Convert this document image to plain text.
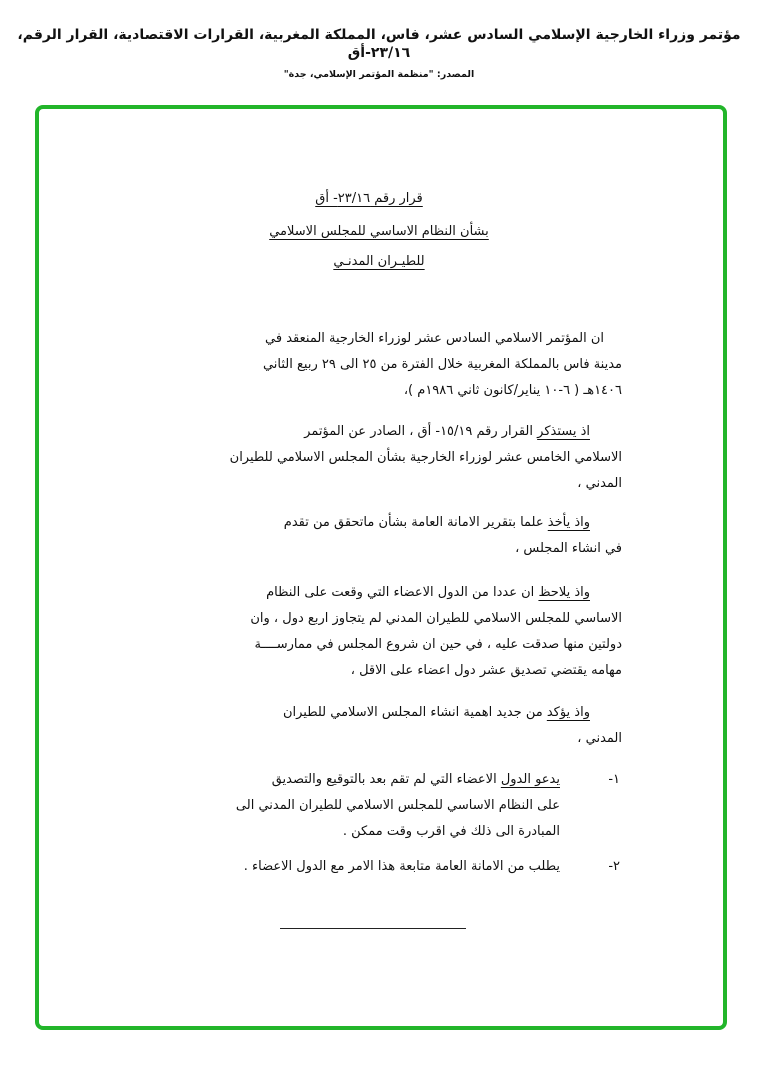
مؤتمر وزراء الخارجية الإسلامي السادس عشر، فاس، المملكة المغربية، القرارات الاقتصادية، القرار الرقم، ٢٣/١٦-أق
المصدر: "منظمة المؤتمر الإسلامي، جدة"
قرار رقم ٢٣/١٦- أق
بشأن النظام الاساسي للمجلس الاسلامي
للطيـران المدنـي
ان المؤتمر الاسلامي السادس عشر لوزراء الخارجية المنعقد في
مدينة فاس بالمملكة المغربية خلال الفترة من ٢٥ الى ٢٩ ربيع الثاني
١٤٠٦هـ ( ٦-١٠ يناير/كانون ثاني ١٩٨٦م )،
اذ يستذكر القرار رقم ١٥/١٩- أق ، الصادر عن المؤتمر
الاسلامي الخامس عشر لوزراء الخارجية بشأن المجلس الاسلامي للطيران
المدني ،
واذ يأخذ علما بتقرير الامانة العامة بشأن ماتحقق من تقدم
في انشاء المجلس ،
واذ يلاحظ ان عددا من الدول الاعضاء التي وقعت على النظام
الاساسي للمجلس الاسلامي للطيران المدني لم يتجاوز اربع دول ، وان
دولتين منها صدقت عليه ، في حين ان شروع المجلس في ممارســــة
مهامه يقتضي تصديق عشر دول اعضاء على الاقل ،
واذ يؤكد من جديد اهمية انشاء المجلس الاسلامي للطيران
المدني ،
١-
يدعو الدول الاعضاء التي لم تقم بعد بالتوقيع والتصديق
على النظام الاساسي للمجلس الاسلامي للطيران المدني الى
المبادرة الى ذلك في اقرب وقت ممكن .
٢-
يطلب من الامانة العامة متابعة هذا الامر مع الدول الاعضاء .
